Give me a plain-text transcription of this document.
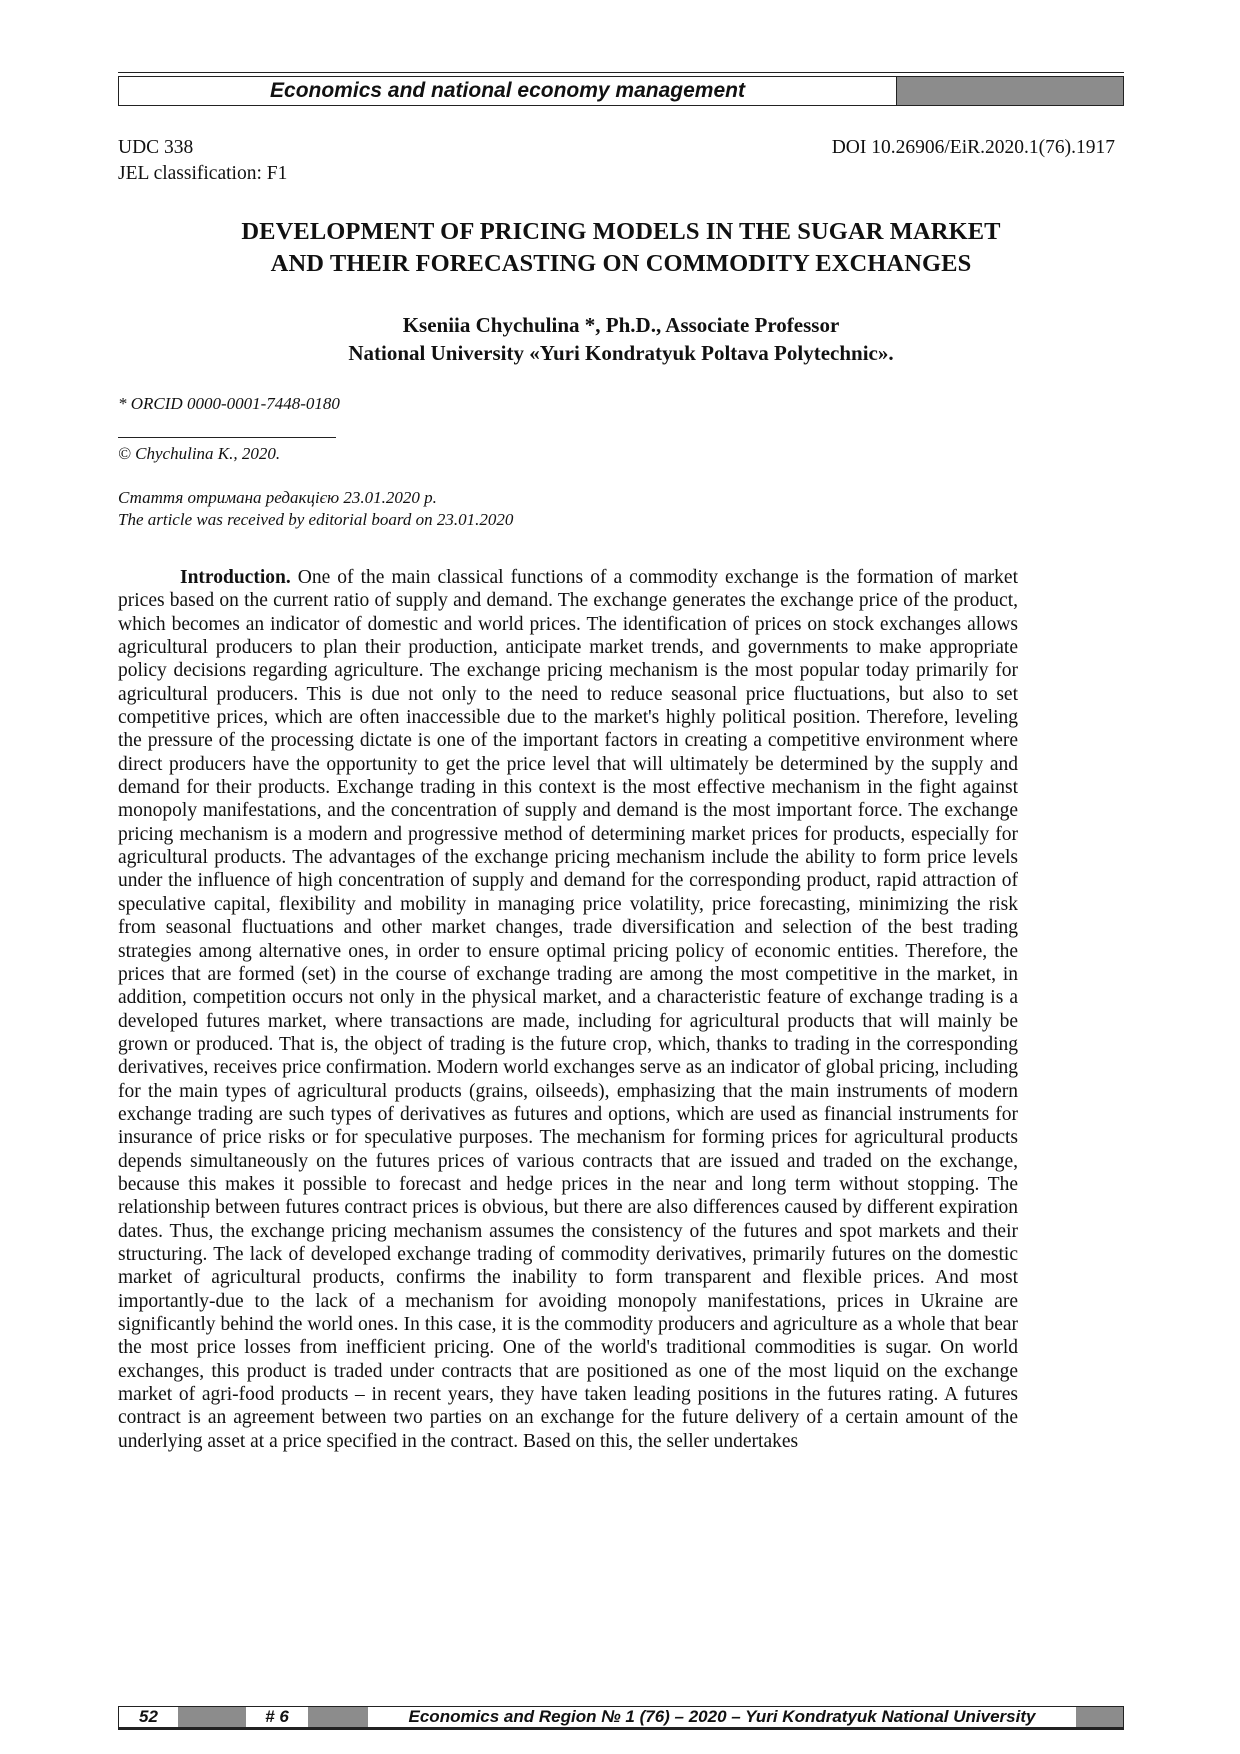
Economics and national economy management
UDC 338
JEL classification: F1
DOI 10.26906/EiR.2020.1(76).1917
DEVELOPMENT OF PRICING MODELS IN THE SUGAR MARKET
AND THEIR FORECASTING ON COMMODITY EXCHANGES
Kseniia Chychulina *, Ph.D., Associate Professor
National University «Yuri Kondratyuk Poltava Polytechnic».
* ORCID 0000-0001-7448-0180
© Chychulina K., 2020.
Стаття отримана редакцією 23.01.2020 р.
The article was received by editorial board on 23.01.2020
Introduction. One of the main classical functions of a commodity exchange is the formation of market prices based on the current ratio of supply and demand. The exchange generates the exchange price of the product, which becomes an indicator of domestic and world prices. The identification of prices on stock exchanges allows agricultural producers to plan their production, anticipate market trends, and governments to make appropriate policy decisions regarding agriculture. The exchange pricing mechanism is the most popular today primarily for agricultural producers. This is due not only to the need to reduce seasonal price fluctuations, but also to set competitive prices, which are often inaccessible due to the market's highly political position. Therefore, leveling the pressure of the processing dictate is one of the important factors in creating a competitive environment where direct producers have the opportunity to get the price level that will ultimately be determined by the supply and demand for their products. Exchange trading in this context is the most effective mechanism in the fight against monopoly manifestations, and the concentration of supply and demand is the most important force. The exchange pricing mechanism is a modern and progressive method of determining market prices for products, especially for agricultural products. The advantages of the exchange pricing mechanism include the ability to form price levels under the influence of high concentration of supply and demand for the corresponding product, rapid attraction of speculative capital, flexibility and mobility in managing price volatility, price forecasting, minimizing the risk from seasonal fluctuations and other market changes, trade diversification and selection of the best trading strategies among alternative ones, in order to ensure optimal pricing policy of economic entities. Therefore, the prices that are formed (set) in the course of exchange trading are among the most competitive in the market, in addition, competition occurs not only in the physical market, and a characteristic feature of exchange trading is a developed futures market, where transactions are made, including for agricultural products that will mainly be grown or produced. That is, the object of trading is the future crop, which, thanks to trading in the corresponding derivatives, receives price confirmation. Modern world exchanges serve as an indicator of global pricing, including for the main types of agricultural products (grains, oilseeds), emphasizing that the main instruments of modern exchange trading are such types of derivatives as futures and options, which are used as financial instruments for insurance of price risks or for speculative purposes. The mechanism for forming prices for agricultural products depends simultaneously on the futures prices of various contracts that are issued and traded on the exchange, because this makes it possible to forecast and hedge prices in the near and long term without stopping. The relationship between futures contract prices is obvious, but there are also differences caused by different expiration dates. Thus, the exchange pricing mechanism assumes the consistency of the futures and spot markets and their structuring. The lack of developed exchange trading of commodity derivatives, primarily futures on the domestic market of agricultural products, confirms the inability to form transparent and flexible prices. And most importantly-due to the lack of a mechanism for avoiding monopoly manifestations, prices in Ukraine are significantly behind the world ones. In this case, it is the commodity producers and agriculture as a whole that bear the most price losses from inefficient pricing. One of the world's traditional commodities is sugar. On world exchanges, this product is traded under contracts that are positioned as one of the most liquid on the exchange market of agri-food products – in recent years, they have taken leading positions in the futures rating. A futures contract is an agreement between two parties on an exchange for the future delivery of a certain amount of the underlying asset at a price specified in the contract. Based on this, the seller undertakes
52	# 6	Economics and Region № 1 (76) – 2020 – Yuri Kondratyuk National University
